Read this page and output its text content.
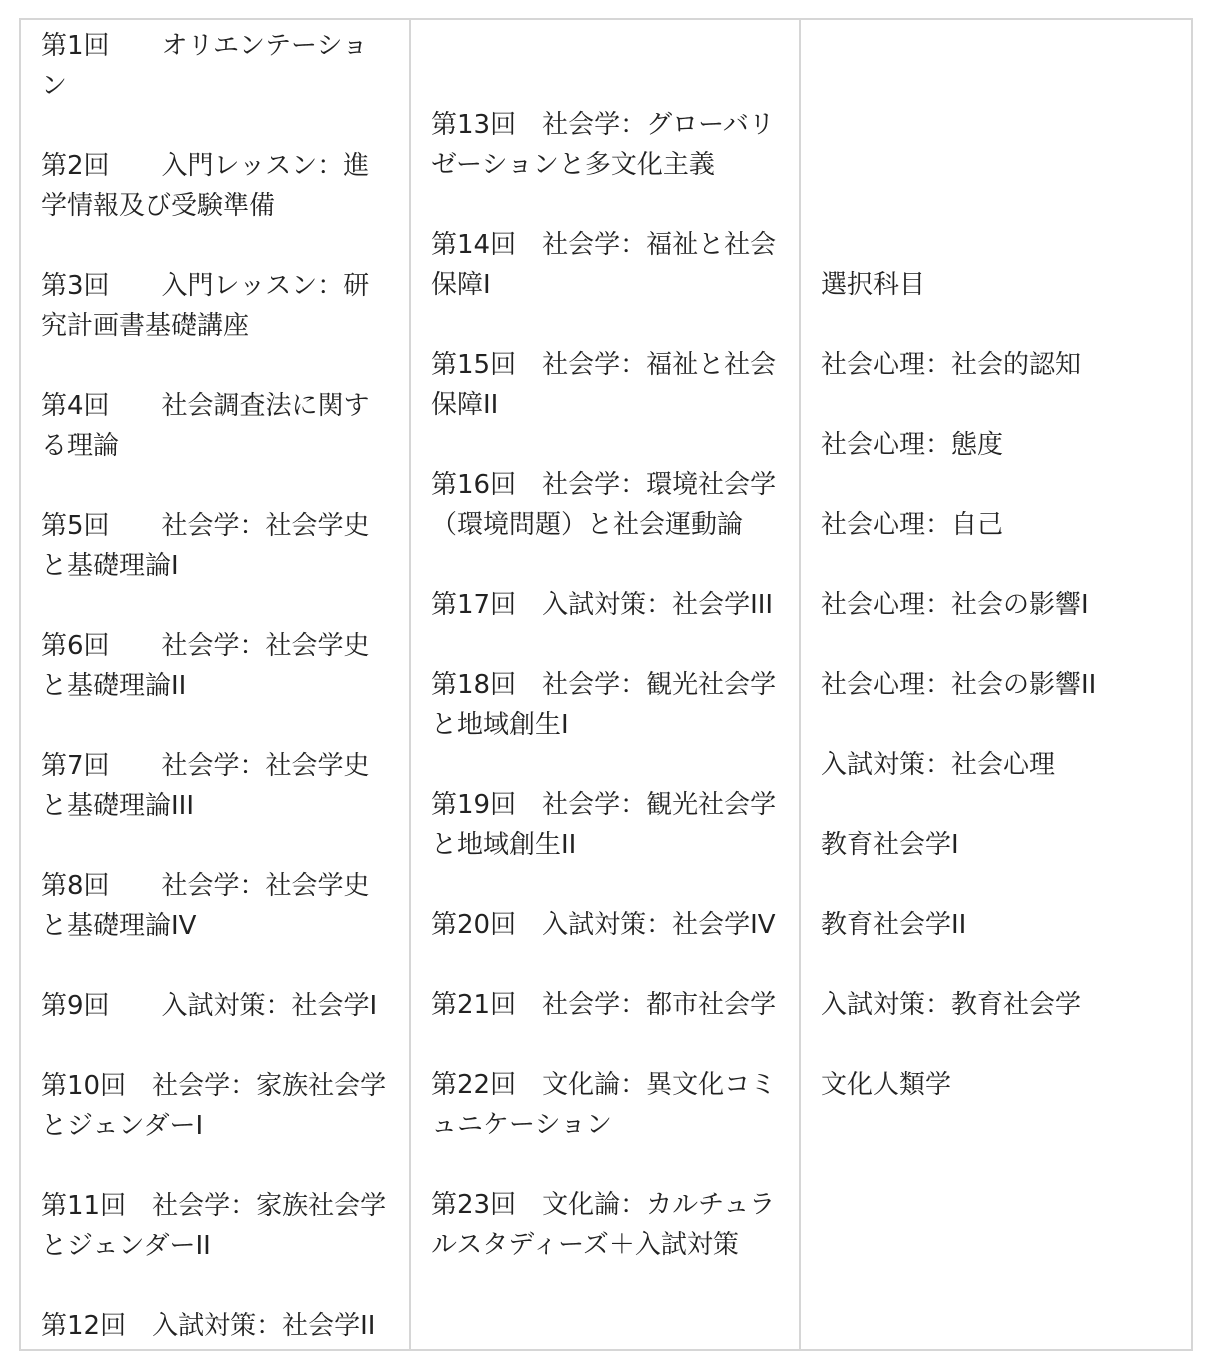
第1回　　オリエンテーション
第2回　　入門レッスン：進学情報及び受験準備
第3回　　入門レッスン：研究計画書基礎講座
第4回　　社会調査法に関する理論
第5回　　社会学：社会学史と基礎理論I
第6回　　社会学：社会学史と基礎理論II
第7回　　社会学：社会学史と基礎理論III
第8回　　社会学：社会学史と基礎理論IV
第9回　　入試対策：社会学I
第10回　社会学：家族社会学とジェンダーI
第11回　社会学：家族社会学とジェンダーII
第12回　入試対策：社会学II

第13回　社会学：グローバリゼーションと多文化主義
第14回　社会学：福祉と社会保障I
第15回　社会学：福祉と社会保障II
第16回　社会学：環境社会学（環境問題）と社会運動論
第17回　入試対策：社会学III
第18回　社会学：観光社会学と地域創生I
第19回　社会学：観光社会学と地域創生II
第20回　入試対策：社会学IV
第21回　社会学：都市社会学
第22回　文化論：異文化コミュニケーション
第23回　文化論：カルチュラルスタディーズ＋入試対策

選択科目
社会心理：社会的認知
社会心理：態度
社会心理：自己
社会心理：社会の影響I
社会心理：社会の影響II
入試対策：社会心理
教育社会学I
教育社会学II
入試対策：教育社会学
文化人類学
